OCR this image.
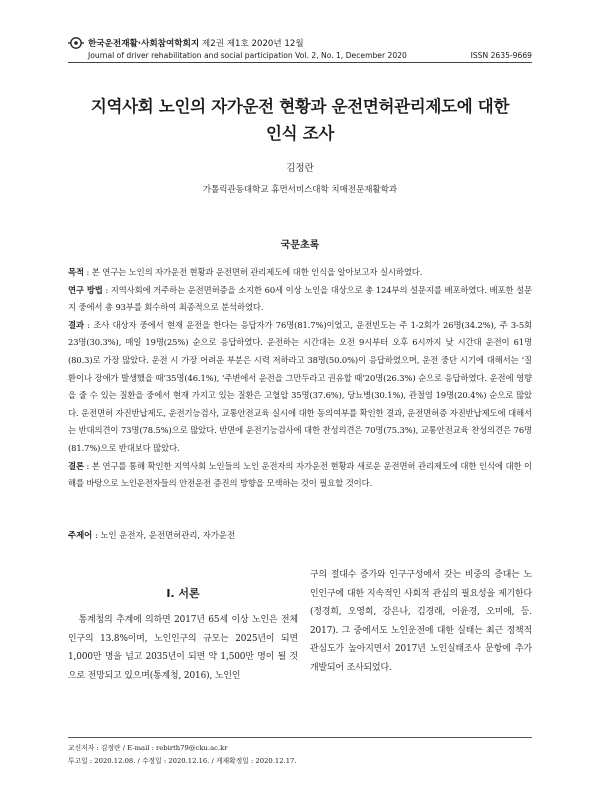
한국운전재활·사회참여학회지 제2권 제1호 2020년 12월
Journal of driver rehabilitation and social participation Vol. 2, No. 1, December 2020	ISSN 2635-9669
지역사회 노인의 자가운전 현황과 운전면허관리제도에 대한
인식 조사
김정란
가톨릭관동대학교 휴먼서비스대학 치매전문재활학과
국문초록

목적 : 본 연구는 노인의 자가운전 현황과 운전면허 관리제도에 대한 인식을 알아보고자 실시하였다.

연구 방법 : 지역사회에 거주하는 운전면허증을 소지한 60세 이상 노인을 대상으로 총 124부의 설문지를 배포하였다. 배포한 설문지 중에서 총 93부를 회수하여 최종적으로 분석하였다.

결과 : 조사 대상자 중에서 현재 운전을 한다는 응답자가 76명(81.7%)이었고, 운전빈도는 주 1-2회가 26명(34.2%), 주 3-5회 23명(30.3%), 매일 19명(25%) 순으로 응답하였다. 운전하는 시간대는 오전 9시부터 오후 6시까지 낮 시간대 운전이 61명(80.3)로 가장 많았다. 운전 시 가장 어려운 부분은 시력 저하라고 38명(50.0%)이 응답하였으며, 운전 중단 시기에 대해서는 ‘질환이나 장애가 발생했을 때’35명(46.1%), ‘주변에서 운전을 그만두라고 권유할 때’20명(26.3%) 순으로 응답하였다. 운전에 영향을 줄 수 있는 질환을 중에서 현재 가지고 있는 질환은 고혈압 35명(37.6%), 당뇨병(30.1%), 관절염 19명(20.4%) 순으로 많았다. 운전면허 자진반납제도, 운전기능검사, 교통안전교육 실시에 대한 동의여부를 확인한 결과, 운전면허증 자진반납제도에 대해서는 반대의견이 73명(78.5%)으로 많았다. 반면에 운전기능검사에 대한 찬성의견은 70명(75.3%), 교통안전교육 찬성의견은 76명(81.7%)으로 반대보다 많았다.

결론 : 본 연구를 통해 확인한 지역사회 노인들의 노인 운전자의 자가운전 현황과 새로운 운전면허 관리제도에 대한 인식에 대한 이해를 바탕으로 노인운전자들의 안전운전 증진의 방향을 모색하는 것이 필요할 것이다.

주제어 : 노인 운전자, 운전면허관리, 자가운전
Ⅰ. 서론

통계청의 추계에 의하면 2017년 65세 이상 노인은 전체인구의 13.8%이며, 노인인구의 규모는 2025년이 되면 1,000만 명을 넘고 2035년이 되면 약 1,500만 명이 될 것으로 전망되고 있으며(통계청, 2016), 노인인

구의 절대수 증가와 인구구성에서 갖는 비중의 증대는 노인인구에 대한 지속적인 사회적 관심의 필요성을 제기한다(정경희, 오영희, 강은나, 김경래, 이윤경, 오미애, 등. 2017). 그 중에서도 노인운전에 대한 실태는 최근 정책적 관심도가 높아지면서 2017년 노인실태조사 문항에 추가 개발되어 조사되었다.

교신저자 : 김정란 / E-mail : rebirth79@cku.ac.kr
투고일 : 2020.12.08. / 수정일 : 2020.12.16. / 게재확정일 : 2020.12.17.
